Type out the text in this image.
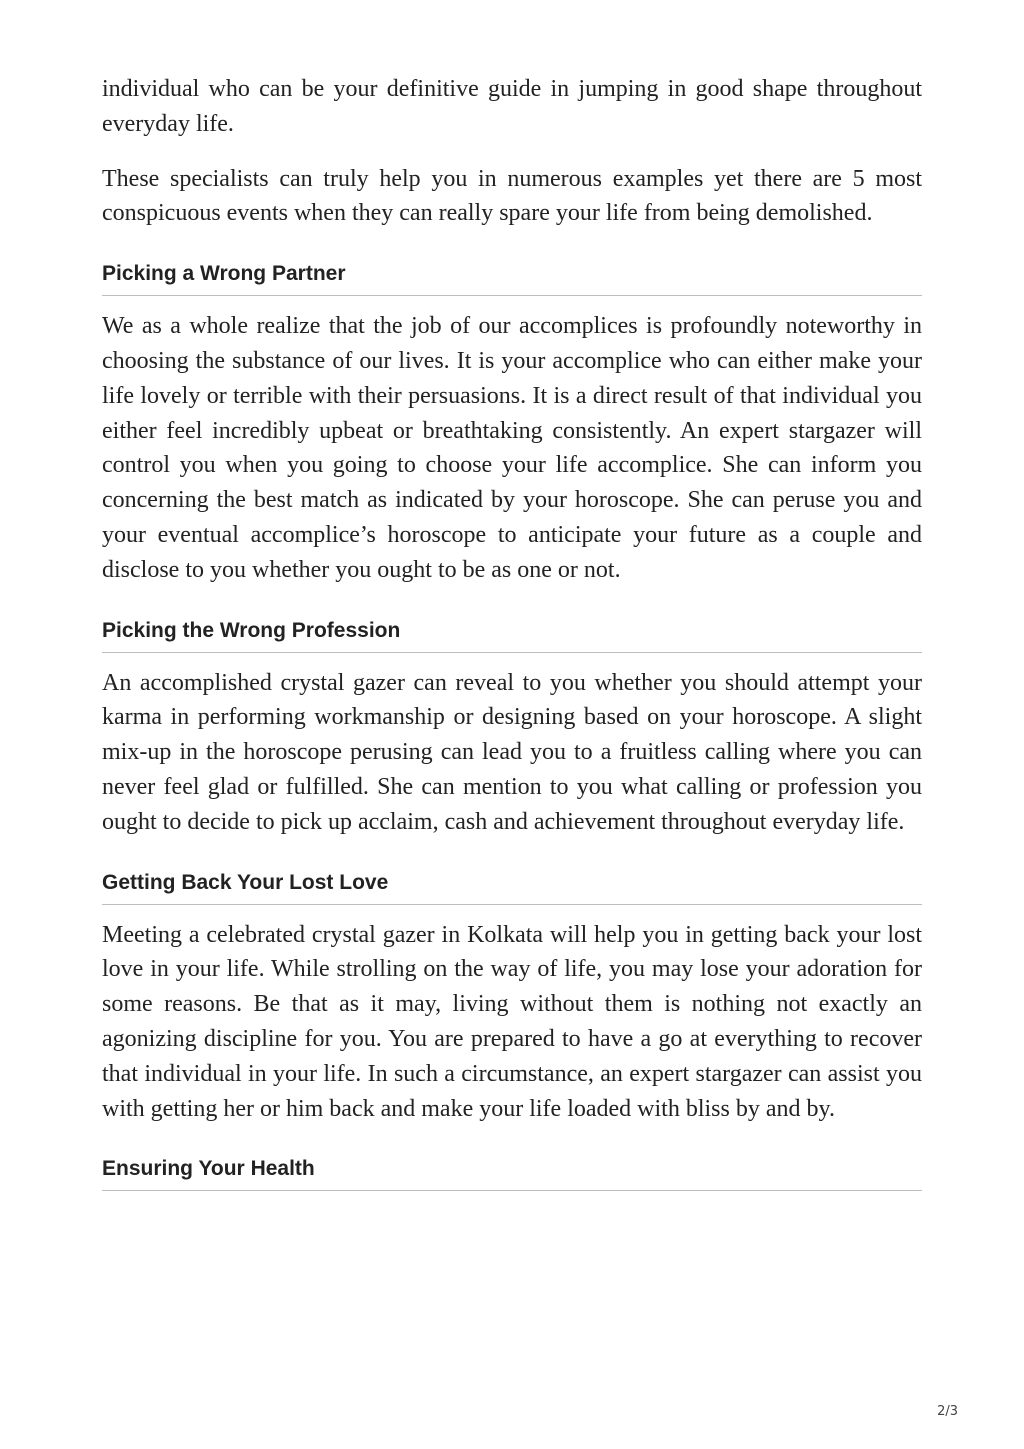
individual who can be your definitive guide in jumping in good shape throughout everyday life.

These specialists can truly help you in numerous examples yet there are 5 most conspicuous events when they can really spare your life from being demolished.

Picking a Wrong Partner

We as a whole realize that the job of our accomplices is profoundly noteworthy in choosing the substance of our lives. It is your accomplice who can either make your life lovely or terrible with their persuasions. It is a direct result of that individual you either feel incredibly upbeat or breathtaking consistently. An expert stargazer will control you when you going to choose your life accomplice. She can inform you concerning the best match as indicated by your horoscope. She can peruse you and your eventual accomplice’s horoscope to anticipate your future as a couple and disclose to you whether you ought to be as one or not.

Picking the Wrong Profession

An accomplished crystal gazer can reveal to you whether you should attempt your karma in performing workmanship or designing based on your horoscope. A slight mix-up in the horoscope perusing can lead you to a fruitless calling where you can never feel glad or fulfilled. She can mention to you what calling or profession you ought to decide to pick up acclaim, cash and achievement throughout everyday life.

Getting Back Your Lost Love

Meeting a celebrated crystal gazer in Kolkata will help you in getting back your lost love in your life. While strolling on the way of life, you may lose your adoration for some reasons. Be that as it may, living without them is nothing not exactly an agonizing discipline for you. You are prepared to have a go at everything to recover that individual in your life. In such a circumstance, an expert stargazer can assist you with getting her or him back and make your life loaded with bliss by and by.

Ensuring Your Health
2/3
